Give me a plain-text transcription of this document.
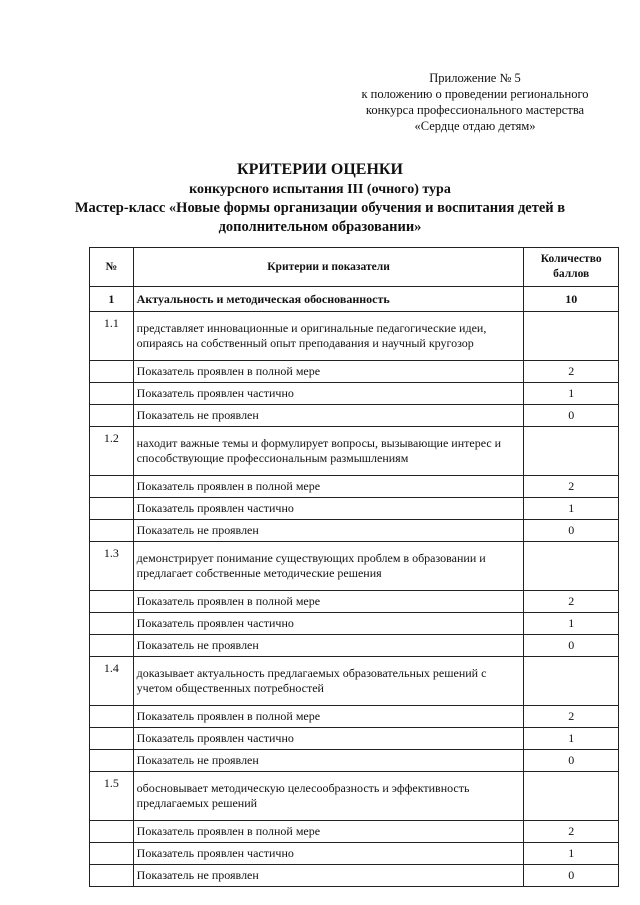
Приложение № 5
к положению о проведении регионального
конкурса профессионального мастерства
«Сердце отдаю детям»
КРИТЕРИИ ОЦЕНКИ
конкурсного испытания III (очного) тура
Мастер-класс «Новые формы организации обучения и воспитания детей в
дополнительном образовании»
№	Критерии и показатели	Количество
баллов

1	Актуальность и методическая обоснованность	10
1.1	представляет инновационные и оригинальные педагогические идеи, опираясь на собственный опыт преподавания и научный кругозор	
	Показатель проявлен в полной мере	2
	Показатель проявлен частично	1
	Показатель не проявлен	0
1.2	находит важные темы и формулирует вопросы, вызывающие интерес и способствующие профессиональным размышлениям	
	Показатель проявлен в полной мере	2
	Показатель проявлен частично	1
	Показатель не проявлен	0
1.3	демонстрирует понимание существующих проблем в образовании и предлагает собственные методические решения	
	Показатель проявлен в полной мере	2
	Показатель проявлен частично	1
	Показатель не проявлен	0
1.4	доказывает актуальность предлагаемых образовательных решений с учетом общественных потребностей	
	Показатель проявлен в полной мере	2
	Показатель проявлен частично	1
	Показатель не проявлен	0
1.5	обосновывает методическую целесообразность и эффективность предлагаемых решений	
	Показатель проявлен в полной мере	2
	Показатель проявлен частично	1
	Показатель не проявлен	0
